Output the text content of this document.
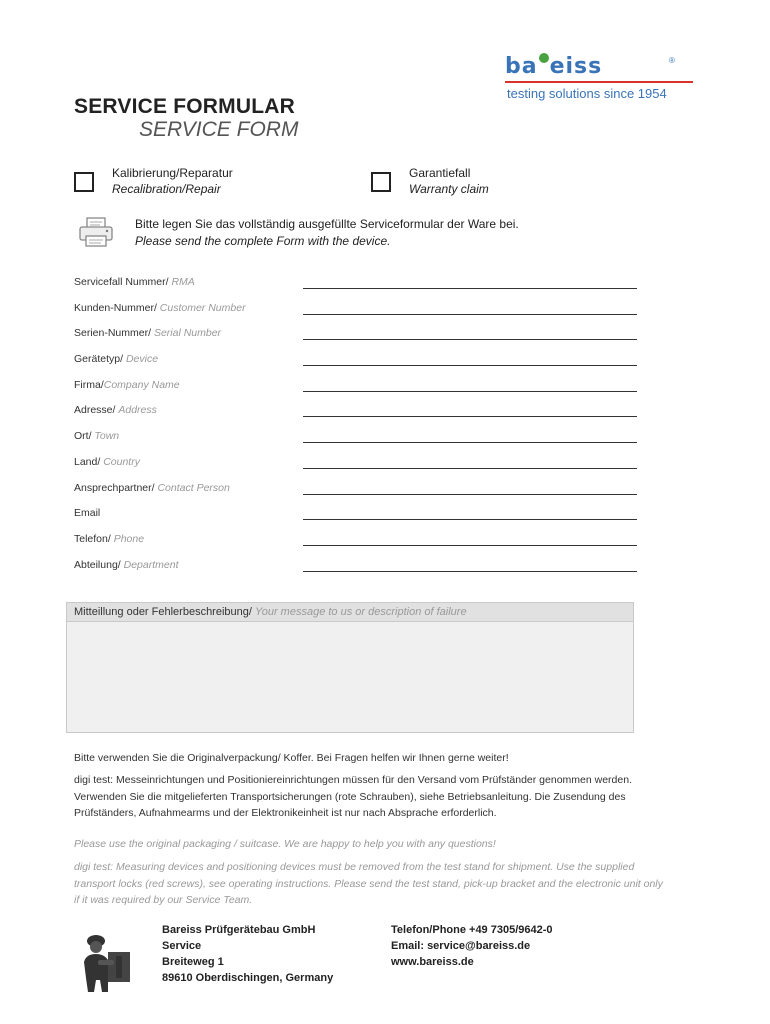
ba eiss	®
testing solutions since 1954
SERVICE FORMULAR
SERVICE FORM
Kalibrierung/Reparatur
Recalibration/Repair
Garantiefall
Warranty claim
Bitte legen Sie das vollständig ausgefüllte Serviceformular der Ware bei.
Please send the complete Form with the device.
Servicefall Nummer/ RMA
Kunden-Nummer/ Customer Number
Serien-Nummer/ Serial Number
Gerätetyp/ Device
Firma/Company Name
Adresse/ Address
Ort/ Town
Land/ Country
Ansprechpartner/ Contact Person
Email
Telefon/ Phone
Abteilung/ Department
Mitteillung oder Fehlerbeschreibung/ Your message to us or description of failure
Bitte verwenden Sie die Originalverpackung/ Koffer. Bei Fragen helfen wir Ihnen gerne weiter!
digi test: Messeinrichtungen und Positioniereinrichtungen müssen für den Versand vom Prüfständer genommen werden. Verwenden Sie die mitgelieferten Transportsicherungen (rote Schrauben), siehe Betriebsanleitung. Die Zusendung des Prüfständers, Aufnahmearms und der Elektronikeinheit ist nur nach Absprache erforderlich.
Please use the original packaging / suitcase. We are happy to help you with any questions!
digi test: Measuring devices and positioning devices must be removed from the test stand for shipment. Use the supplied transport locks (red screws), see operating instructions. Please send the test stand, pick-up bracket and the electronic unit only if it was required by our Service Team.
Bareiss Prüfgerätebau GmbH
Service
Breiteweg 1
89610 Oberdischingen, Germany
Telefon/Phone +49 7305/9642-0
Email: service@bareiss.de
www.bareiss.de
